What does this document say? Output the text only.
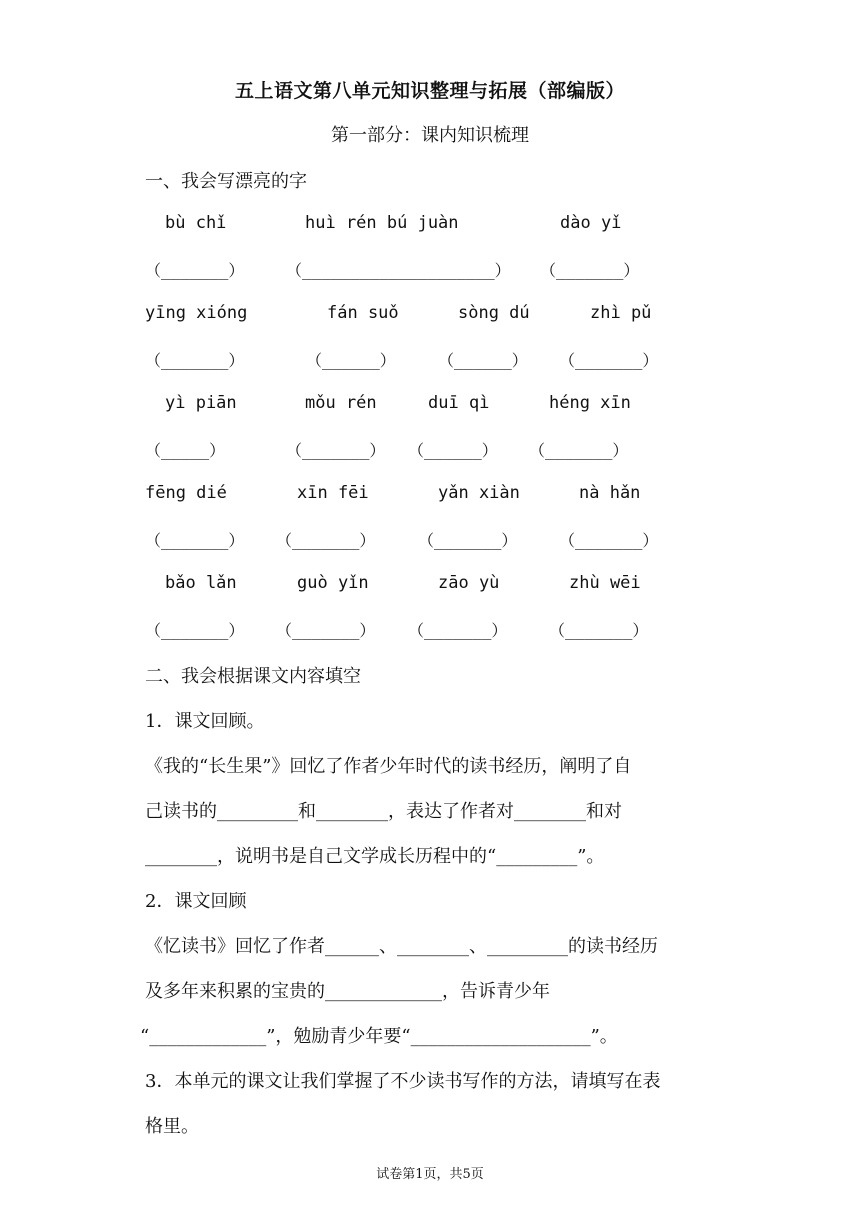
五上语文第八单元知识整理与拓展（部编版）
第一部分：课内知识梳理
一、我会写漂亮的字
bù chǐ	huì rén bú juàn	dào yǐ
（_______）	（____________________） （_______）
yīng xióng	fán suǒ	sòng dú	zhì pǔ
（_______）	（______）	（______） （_______）
yì piān	mǒu rén	duī qì	héng xīn
（_____）	（_______） （______） （_______）
fēng dié	xīn fēi	yǎn xiàn	nà hǎn
（_______） （_______）	（_______）	（_______）
bǎo lǎn	guò yǐn	zāo yù	zhù wēi
（_______） （_______） （_______）	（_______）
二、我会根据课文内容填空
1．课文回顾。
《我的“长生果”》回忆了作者少年时代的读书经历，阐明了自
己读书的_________和________，表达了作者对________和对
________，说明书是自己文学成长历程中的“_________”。
2．课文回顾
《忆读书》回忆了作者______、________、_________的读书经历
及多年来积累的宝贵的_____________，告诉青少年
“_____________”，勉励青少年要“____________________”。
3．本单元的课文让我们掌握了不少读书写作的方法，请填写在表
格里。
试卷第1页，共5页
